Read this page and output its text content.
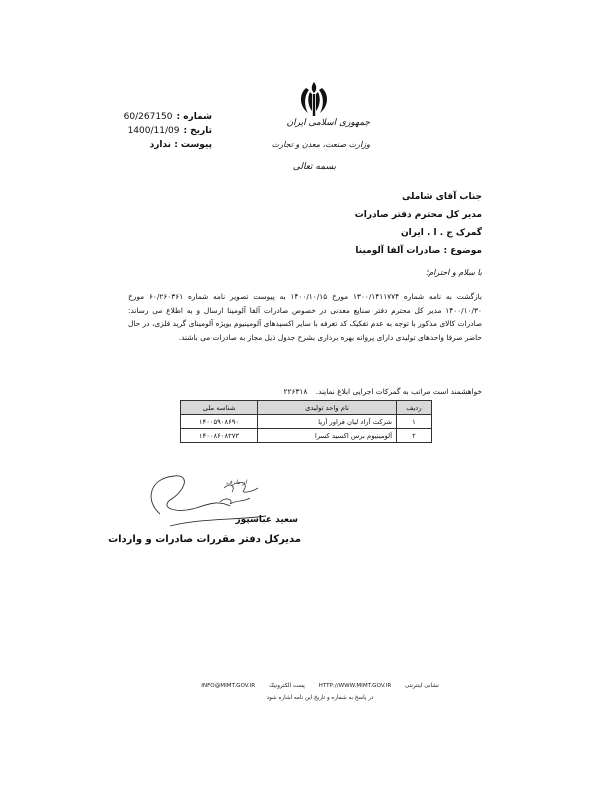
جمهوری اسلامی ایران
وزارت صنعت، معدن و تجارت
بسمه تعالی
60/267150 شماره :
1400/11/09 تاریخ :
پیوست : ندارد
جناب آقای شاملی
مدیر کل محترم دفتر صادرات
گمرک ج . ا . ایران
موضوع : صادرات آلفا آلومینا
با سلام و احترام؛
بازگشت به نامه شماره ۱۳۰۰/۱۴۱۱۷۷۴ مورخ ۱۴۰۰/۱۰/۱۵ به پیوست تصویر نامه شماره ۶۰/۲۶۰۳۶۱ مورخ ۱۴۰۰/۱۰/۳۰ مدیر کل محترم دفتر صنایع معدنی در خصوص صادرات آلفا آلومینا ارسال و به اطلاع می رساند: صادرات کالای مذکور با توجه به عدم تفکیک کد تعرفه با سایر اکسیدهای آلومینیوم بویژه آلومینای گرید فلزی، در حال حاضر صرفا واحدهای تولیدی دارای پروانه بهره برداری بشرح جدول ذیل مجاز به صادرات می باشند.
خواهشمند است مراتب به گمرکات اجرایی ابلاغ نمایند. ۲۲۶۳۱۸
ردیف	نام واحد تولیدی	شناسه ملی
۱	شرکت آراد لیان فراور آریا	۱۴۰۰۵۹۰۸۶۹۰
۲	آلومینیوم برس اکسید کسرا	۱۴۰۰۸۶۰۸۲۷۳
از طرف
سعید عباسپور
مدیرکل دفتر مقررات صادرات و واردات
INFO@MIMT.GOV.IR پست الکترونیک HTTP://WWW.MIMT.GOV.IR نشانی اینترنتی
در پاسخ به شماره و تاریخ این نامه اشاره شود
